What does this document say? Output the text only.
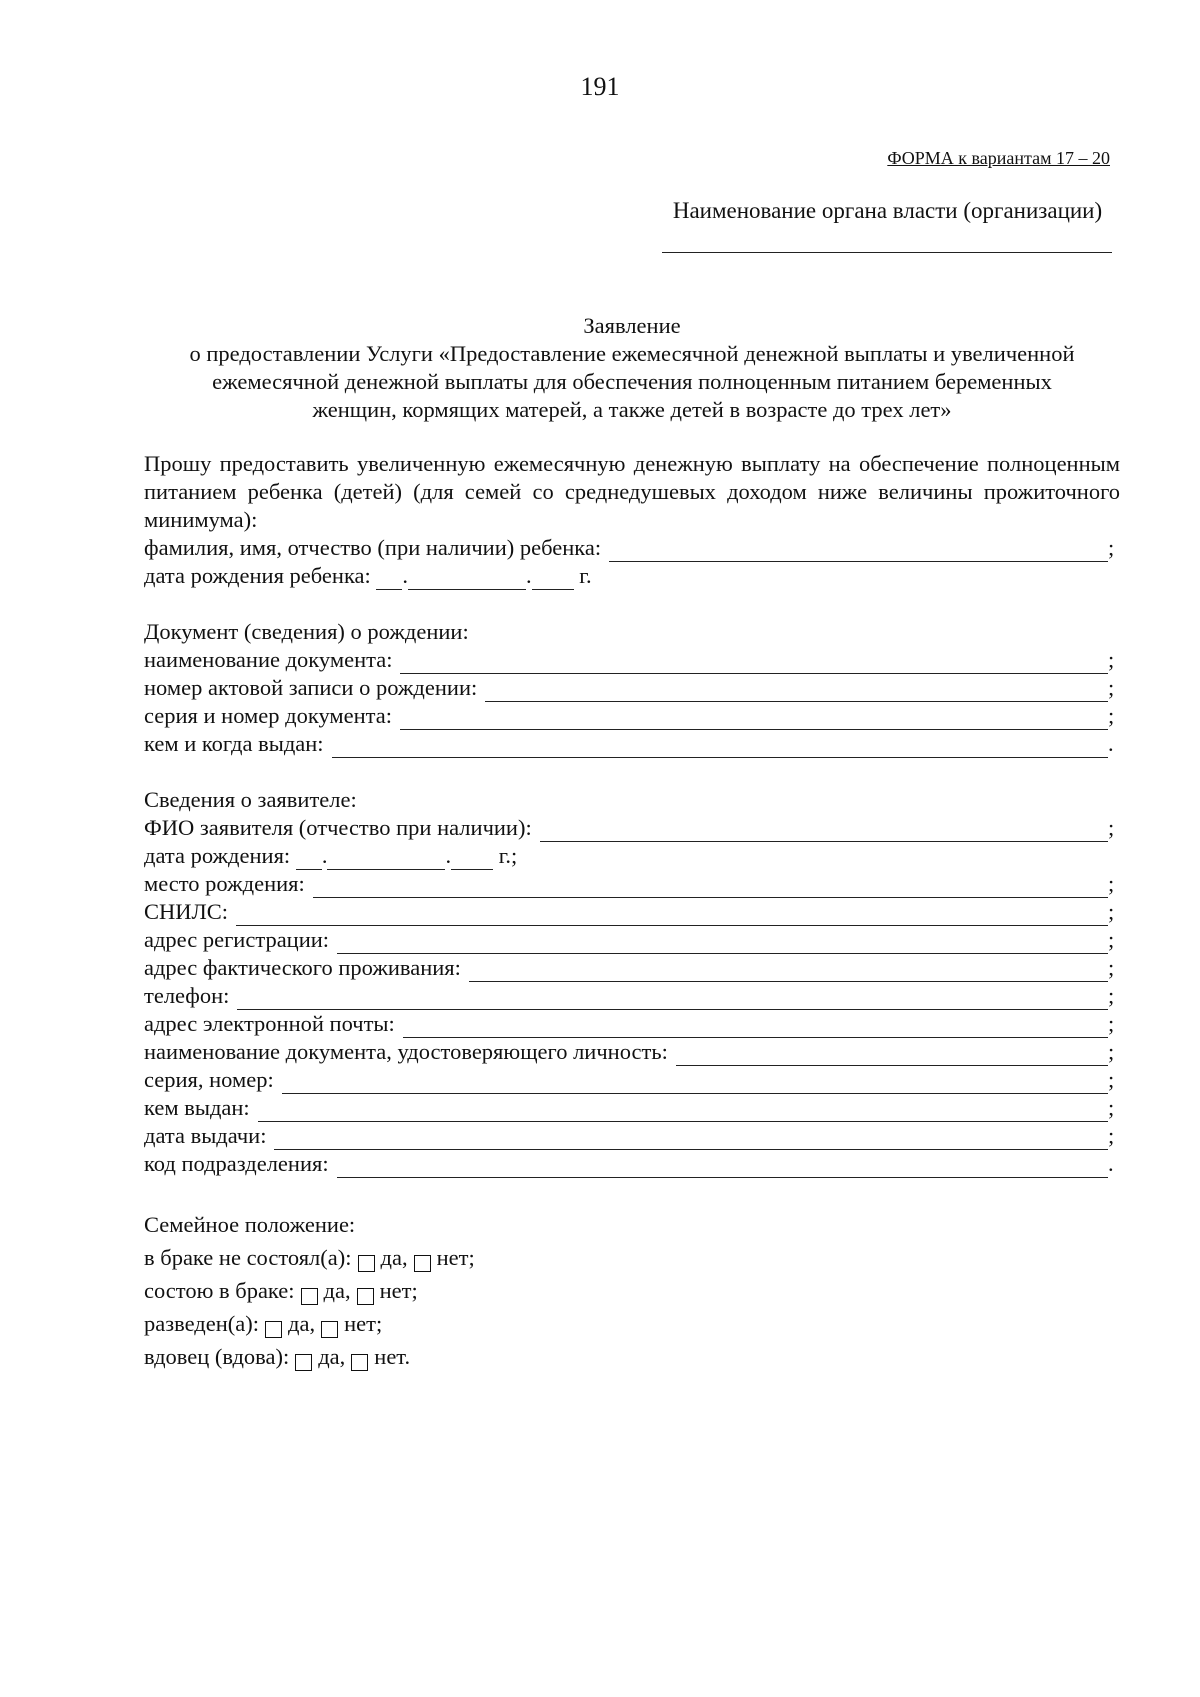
191
ФОРМА к вариантам 17 – 20
Наименование органа власти (организации)
Заявление
о предоставлении Услуги «Предоставление ежемесячной денежной выплаты и увеличенной
ежемесячной денежной выплаты для обеспечения полноценным питанием беременных
женщин, кормящих матерей, а также детей в возрасте до трех лет»

Прошу предоставить увеличенную ежемесячную денежную выплату на обеспечение полноценным питанием ребенка (детей) (для семей со среднедушевых доходом ниже величины прожиточного минимума):

фамилия, имя, отчество (при наличии) ребенка:	;
дата рождения ребенка:
.	.
г.
Документ (сведения) о рождении:
наименование документа:	;
номер актовой записи о рождении:	;
серия и номер документа:	;
кем и когда выдан:	.
Сведения о заявителе:
ФИО заявителя (отчество при наличии):	;
дата рождения:
.	.
г.;
место рождения:	;
СНИЛС:	;
адрес регистрации:	;
адрес фактического проживания:	;
телефон:	;
адрес электронной почты:	;
наименование документа, удостоверяющего личность:	;
серия, номер:	;
кем выдан:	;
дата выдачи:	;
код подразделения:	.
Семейное положение:
в браке не состоял(а): да, нет;
состою в браке: да, нет;
разведен(а): да, нет;
вдовец (вдова): да, нет.
